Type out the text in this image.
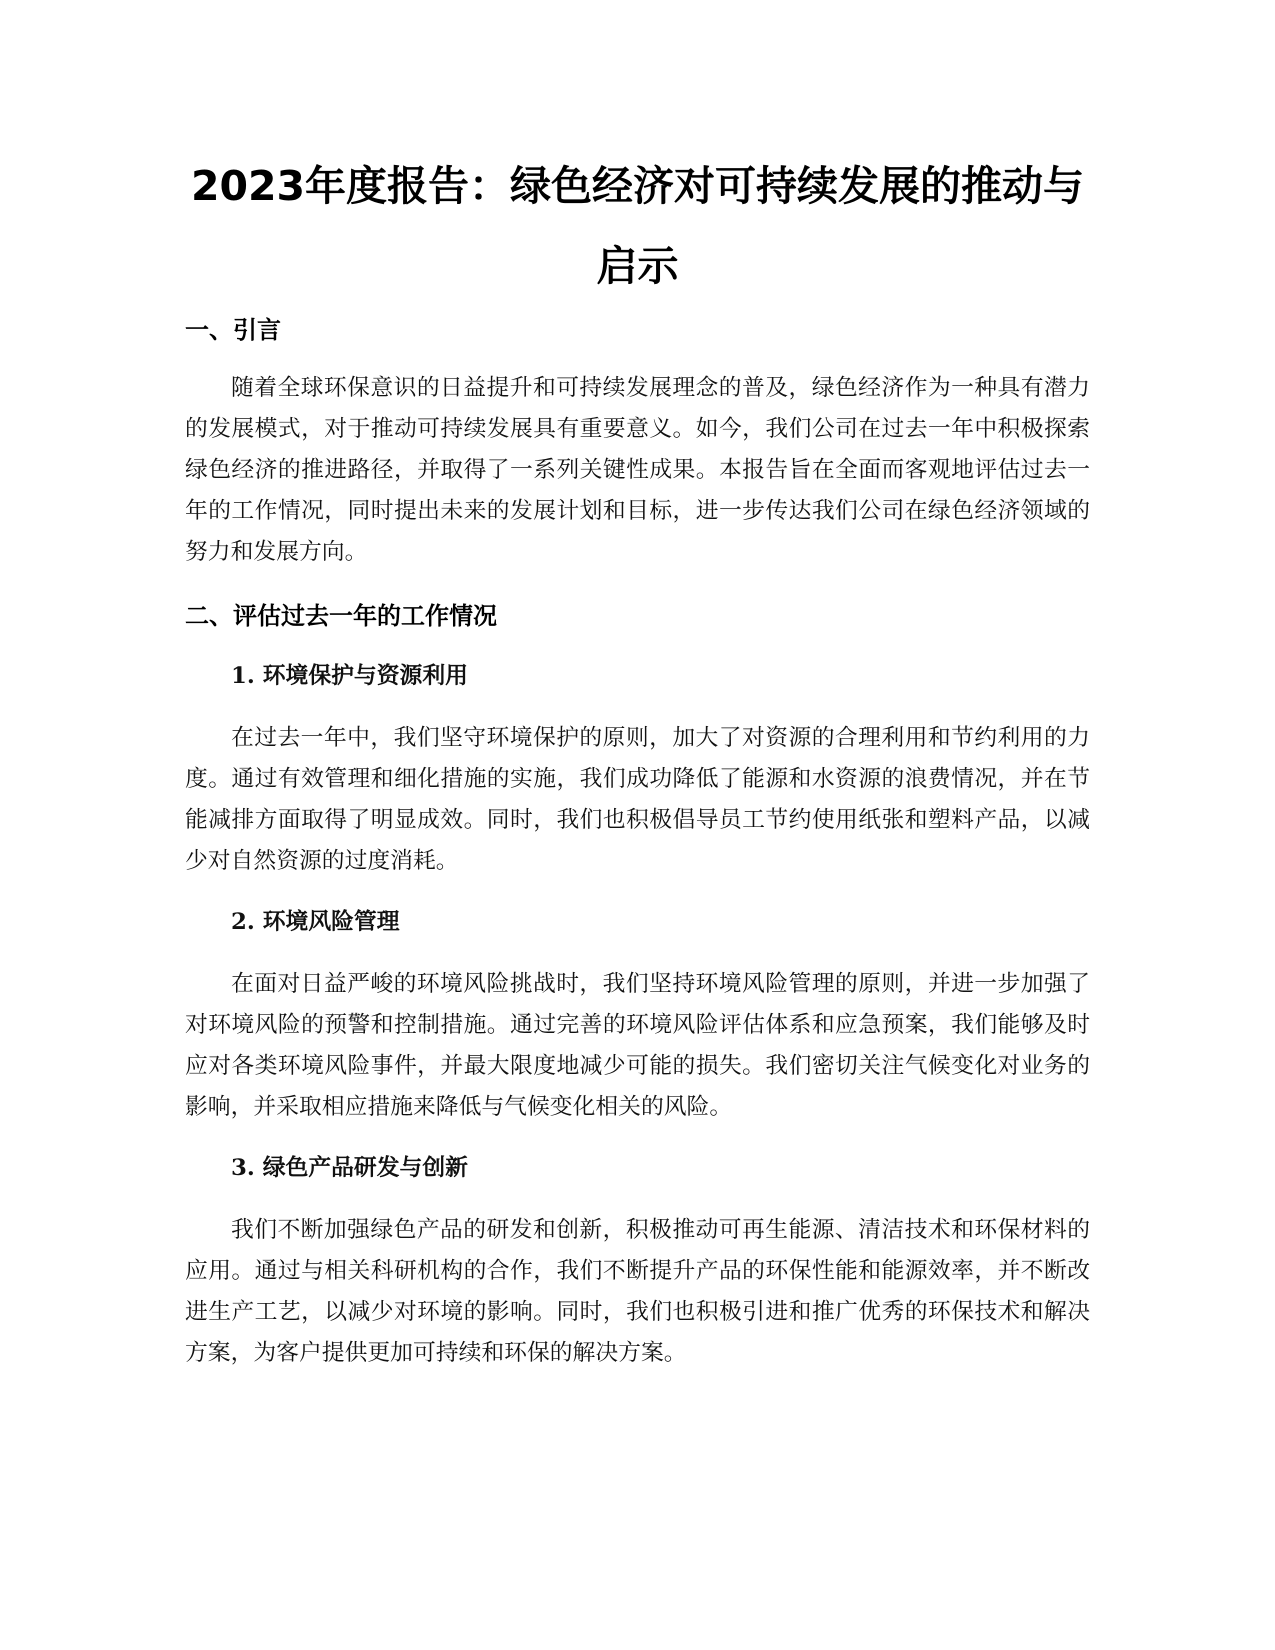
2023年度报告：绿色经济对可持续发展的推动与启示
一、引言

随着全球环保意识的日益提升和可持续发展理念的普及，绿色经济作为一种具有潜力的发展模式，对于推动可持续发展具有重要意义。如今，我们公司在过去一年中积极探索绿色经济的推进路径，并取得了一系列关键性成果。本报告旨在全面而客观地评估过去一年的工作情况，同时提出未来的发展计划和目标，进一步传达我们公司在绿色经济领域的努力和发展方向。

二、评估过去一年的工作情况
1. 环境保护与资源利用

在过去一年中，我们坚守环境保护的原则，加大了对资源的合理利用和节约利用的力度。通过有效管理和细化措施的实施，我们成功降低了能源和水资源的浪费情况，并在节能减排方面取得了明显成效。同时，我们也积极倡导员工节约使用纸张和塑料产品，以减少对自然资源的过度消耗。

2. 环境风险管理

在面对日益严峻的环境风险挑战时，我们坚持环境风险管理的原则，并进一步加强了对环境风险的预警和控制措施。通过完善的环境风险评估体系和应急预案，我们能够及时应对各类环境风险事件，并最大限度地减少可能的损失。我们密切关注气候变化对业务的影响，并采取相应措施来降低与气候变化相关的风险。

3. 绿色产品研发与创新

我们不断加强绿色产品的研发和创新，积极推动可再生能源、清洁技术和环保材料的应用。通过与相关科研机构的合作，我们不断提升产品的环保性能和能源效率，并不断改进生产工艺，以减少对环境的影响。同时，我们也积极引进和推广优秀的环保技术和解决方案，为客户提供更加可持续和环保的解决方案。
